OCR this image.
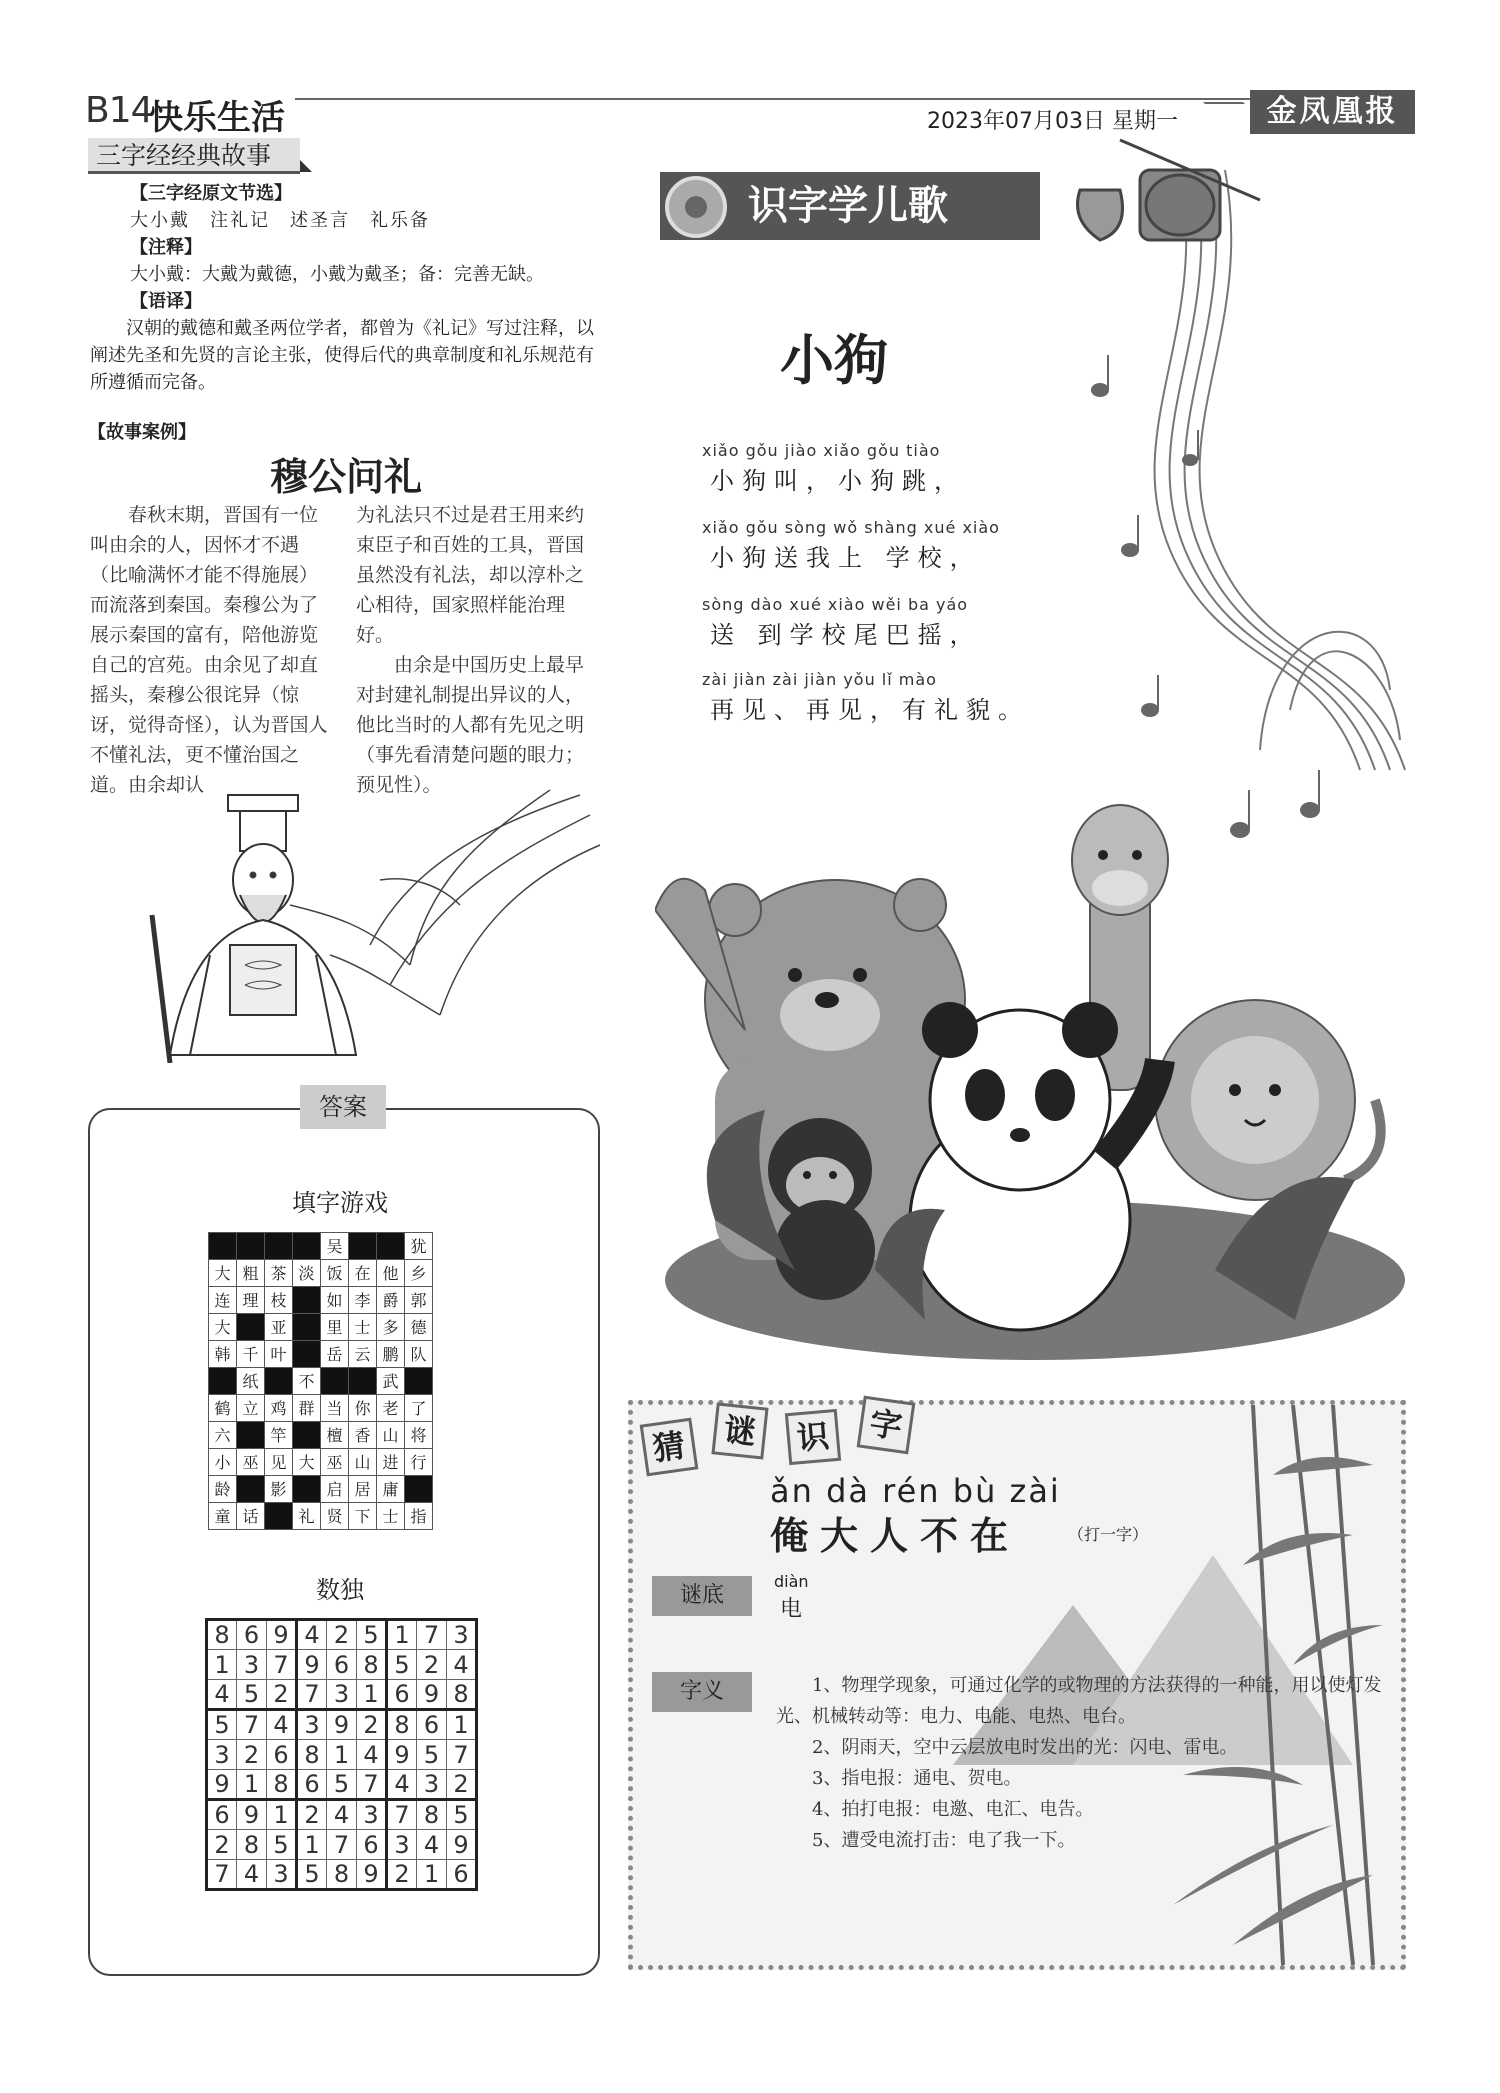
B14
快乐生活	2023年07月03日 星期一	金凤凰报
三字经经典故事
【三字经原文节选】
大小戴　注礼记　述圣言　礼乐备
【注释】
大小戴：大戴为戴德，小戴为戴圣；备：完善无缺。
【语译】
汉朝的戴德和戴圣两位学者，都曾为《礼记》写过注释，以阐述先圣和先贤的言论主张，使得后代的典章制度和礼乐规范有所遵循而完备。
【故事案例】
穆公问礼

春秋末期，晋国有一位叫由余的人，因怀才不遇（比喻满怀才能不得施展）而流落到秦国。秦穆公为了展示秦国的富有，陪他游览自己的宫苑。由余见了却直摇头，秦穆公很诧异（惊讶，觉得奇怪），认为晋国人不懂礼法，更不懂治国之道。由余却认

为礼法只不过是君王用来约束臣子和百姓的工具，晋国虽然没有礼法，却以淳朴之心相待，国家照样能治理好。

由余是中国历史上最早对封建礼制提出异议的人，他比当时的人都有先见之明（事先看清楚问题的眼力；预见性）。

答案
填字游戏
				吴			犹
大	粗	茶	淡	饭	在	他	乡
连	理	枝		如	李	爵	郭
大		亚		里	士	多	德
韩	千	叶		岳	云	鹏	队
	纸		不			武	
鹤	立	鸡	群	当	你	老	了
六		竿		檀	香	山	将
小	巫	见	大	巫	山	进	行
龄		影		启	居	庸	
童	话		礼	贤	下	士	指
数独
8	6	9	4	2	5	1	7	3
1	3	7	9	6	8	5	2	4
4	5	2	7	3	1	6	9	8
5	7	4	3	9	2	8	6	1
3	2	6	8	1	4	9	5	7
9	1	8	6	5	7	4	3	2
6	9	1	2	4	3	7	8	5
2	8	5	1	7	6	3	4	9
7	4	3	5	8	9	2	1	6
识字学儿歌
小狗
xiǎo gǒu jiào xiǎo gǒu tiào
小狗叫，小狗跳，
xiǎo gǒu sòng wǒ shàng xué xiào
小狗送我上 学校，
sòng dào xué xiào wěi ba yáo
送 到学校尾巴摇，
zài jiàn zài jiàn yǒu lǐ mào
再见、再见，有礼貌。
猜	谜	识	字
ǎn dà rén bù zài
俺大人不在	（打一字）
谜底
diàn
电
字义	1、物理学现象，可通过化学的或物理的方法获得的一种能，用以使灯发光、机械转动等：电力、电能、电热、电台。

2、阴雨天，空中云层放电时发出的光：闪电、雷电。

3、指电报：通电、贺电。

4、拍打电报：电邀、电汇、电告。

5、遭受电流打击：电了我一下。
